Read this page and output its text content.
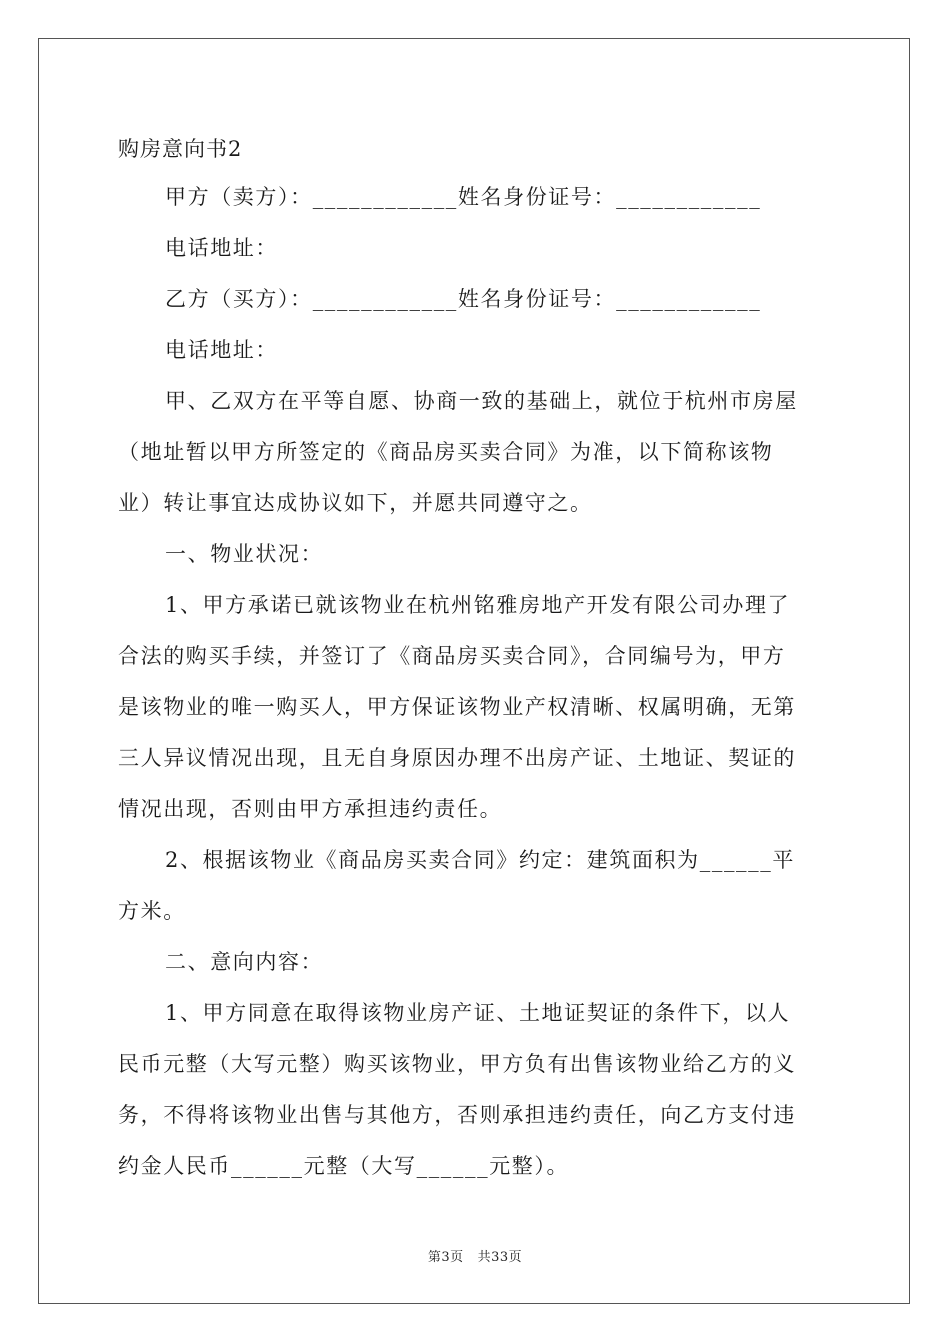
购房意向书2
甲方（卖方）：____________姓名身份证号：____________
电话地址：
乙方（买方）：____________姓名身份证号：____________
电话地址：
甲、乙双方在平等自愿、协商一致的基础上，就位于杭州市房屋
（地址暂以甲方所签定的《商品房买卖合同》为准，以下简称该物
业）转让事宜达成协议如下，并愿共同遵守之。
一、物业状况：
1、甲方承诺已就该物业在杭州铭雅房地产开发有限公司办理了
合法的购买手续，并签订了《商品房买卖合同》，合同编号为，甲方
是该物业的唯一购买人，甲方保证该物业产权清晰、权属明确，无第
三人异议情况出现，且无自身原因办理不出房产证、土地证、契证的
情况出现，否则由甲方承担违约责任。
2、根据该物业《商品房买卖合同》约定：建筑面积为______平
方米。
二、意向内容：
1、甲方同意在取得该物业房产证、土地证契证的条件下，以人
民币元整（大写元整）购买该物业，甲方负有出售该物业给乙方的义
务，不得将该物业出售与其他方，否则承担违约责任，向乙方支付违
约金人民币______元整（大写______元整）。
第3页 共33页
